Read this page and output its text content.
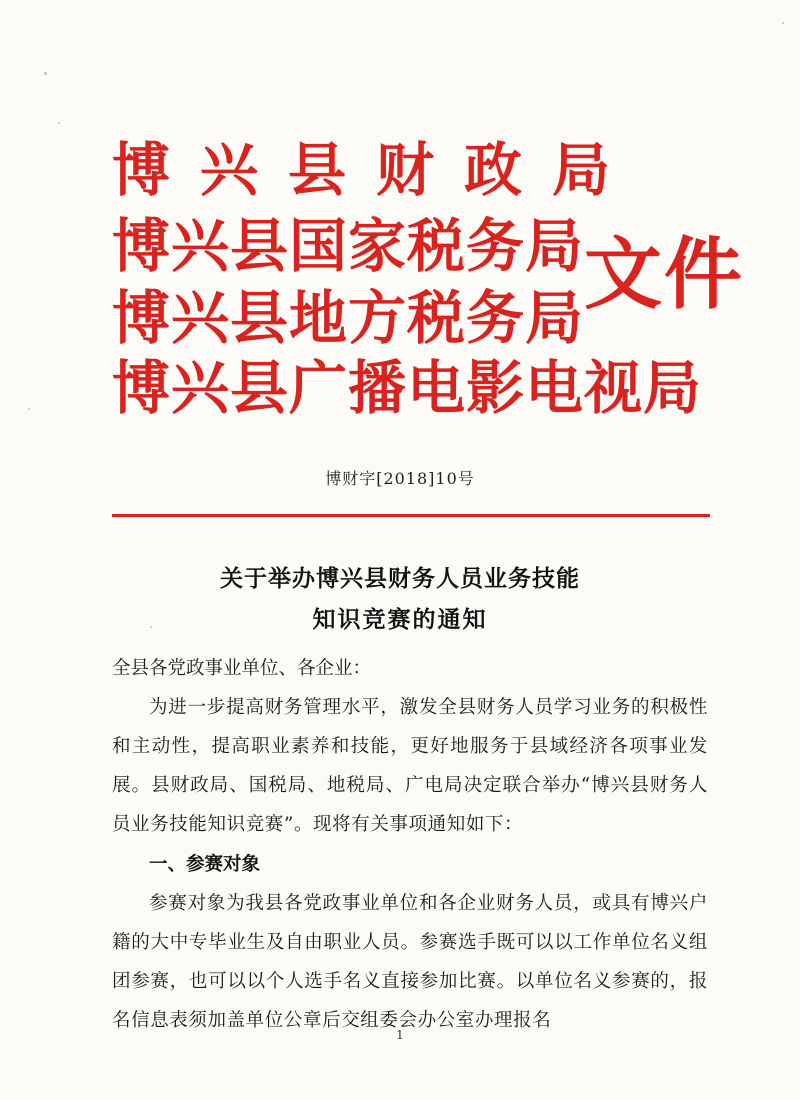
博兴县财政局
博兴县国家税务局
博兴县地方税务局
博兴县广播电影电视局
文件
博财字[2018]10号
关于举办博兴县财务人员业务技能
知识竞赛的通知
全县各党政事业单位、各企业：
为进一步提高财务管理水平，激发全县财务人员学习业务的积极性和主动性，提高职业素养和技能，更好地服务于县域经济各项事业发展。县财政局、国税局、地税局、广电局决定联合举办“博兴县财务人员业务技能知识竞赛”。现将有关事项通知如下：
一、参赛对象
参赛对象为我县各党政事业单位和各企业财务人员，或具有博兴户籍的大中专毕业生及自由职业人员。参赛选手既可以以工作单位名义组团参赛，也可以以个人选手名义直接参加比赛。以单位名义参赛的，报名信息表须加盖单位公章后交组委会办公室办理报名
1
